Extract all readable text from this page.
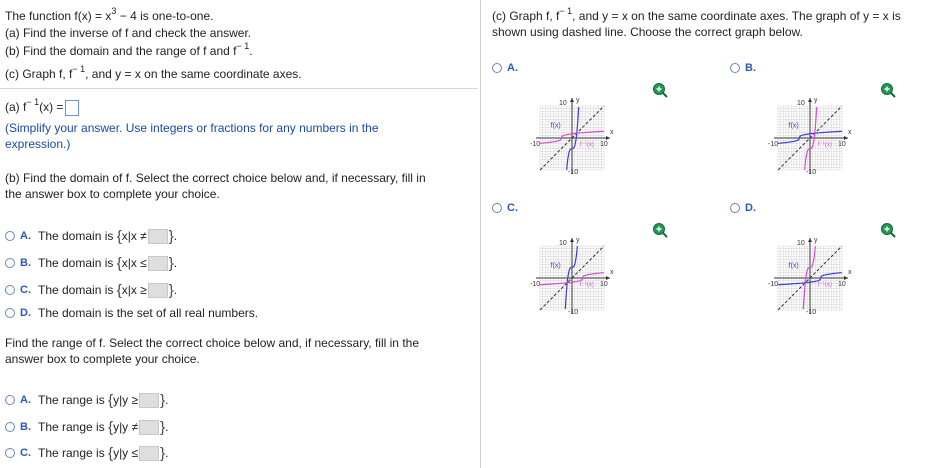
The function $f(x) = x^3 - 4$ is one-to-one.
(a) Find the inverse of f and check the answer.
(b) Find the domain and the range of f and $f^{- 1}$.
(c) Graph f, $f^{- 1}$, and y = x on the same coordinate axes.
(a) $f^{- 1}(x)$ =
(Simplify your answer. Use integers or fractions for any numbers in the
expression.)
(b) Find the domain of f. Select the correct choice below and, if necessary, fill in
the answer box to complete your choice.
A. The domain is
{ x|x ≠ } .
B. The domain is
{ x|x ≤ } .
C. The domain is
{ x|x ≥ } .
D. The domain is the set of all real numbers.
Find the range of f. Select the correct choice below and, if necessary, fill in the
answer box to complete your choice.
A. The range is
{ y|y ≥ } .
B. The range is
{ y|y ≠ } .
C. The range is
{ y|y ≤ } .
(c) Graph f, $f^{- 1}$, and y = x on the same coordinate axes. The graph of y = x is
shown using dashed line. Choose the correct graph below.
A.
10
-10	10
-10
x
y
f(x)
f⁻¹(x)
B.
10
-10	10
-10
x
y
f(x)
f⁻¹(x)
C.
10
-10	10
-10
x
y
f(x)
f⁻¹(x)
D.
10
-10	10
-10
x
y
f(x)
f⁻¹(x)
